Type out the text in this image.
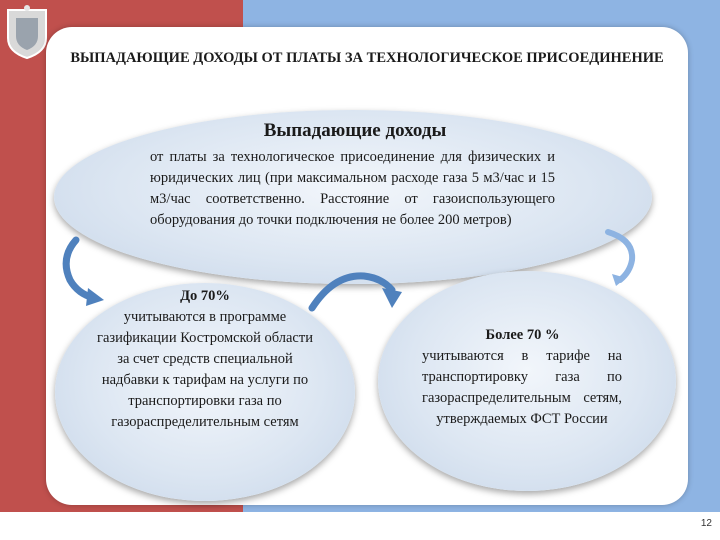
ВЫПАДАЮЩИЕ ДОХОДЫ ОТ ПЛАТЫ ЗА ТЕХНОЛОГИЧЕСКОЕ ПРИСОЕДИНЕНИЕ
Выпадающие доходы
от платы за технологическое присоединение для физических и юридических лиц (при максимальном расходе газа 5 м3/час и 15 м3/час соответственно. Расстояние от газоиспользующего оборудования до точки подключения не более 200 метров)
До 70%
учитываются в программе газификации Костромской области за счет средств специальной надбавки к тарифам на услуги по транспортировки газа по газораспределительным сетям
Более 70 %
учитываются в тарифе на транспортировку газа по газораспределительным сетям, утверждаемых ФСТ России
12
